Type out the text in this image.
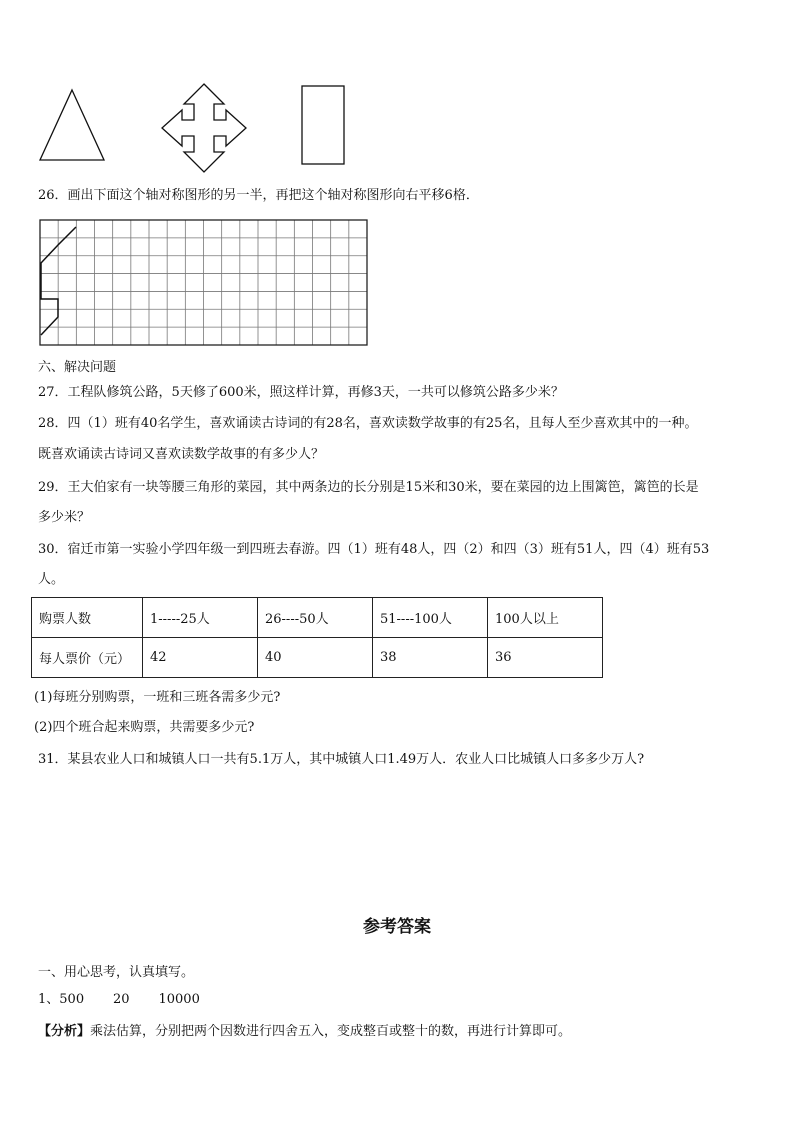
26．画出下面这个轴对称图形的另一半，再把这个轴对称图形向右平移6格．
六、解决问题
27．工程队修筑公路，5天修了600米，照这样计算，再修3天，一共可以修筑公路多少米？
28．四（1）班有40名学生，喜欢诵读古诗词的有28名，喜欢读数学故事的有25名，且每人至少喜欢其中的一种。
既喜欢诵读古诗词又喜欢读数学故事的有多少人？
29．王大伯家有一块等腰三角形的菜园，其中两条边的长分别是15米和30米，要在菜园的边上围篱笆，篱笆的长是
多少米？
30．宿迁市第一实验小学四年级一到四班去春游。四（1）班有48人，四（2）和四（3）班有51人，四（4）班有53
人。
购票人数	1-----25人	26----50人	51----100人	100人以上
每人票价（元）	42	40	38	36
(1)每班分别购票，一班和三班各需多少元?
(2)四个班合起来购票，共需要多少元?
31．某县农业人口和城镇人口一共有5.1万人，其中城镇人口1.49万人．农业人口比城镇人口多多少万人?
参考答案
一、用心思考，认真填写。
1、500       20       10000
【分析】乘法估算，分别把两个因数进行四舍五入，变成整百或整十的数，再进行计算即可。
